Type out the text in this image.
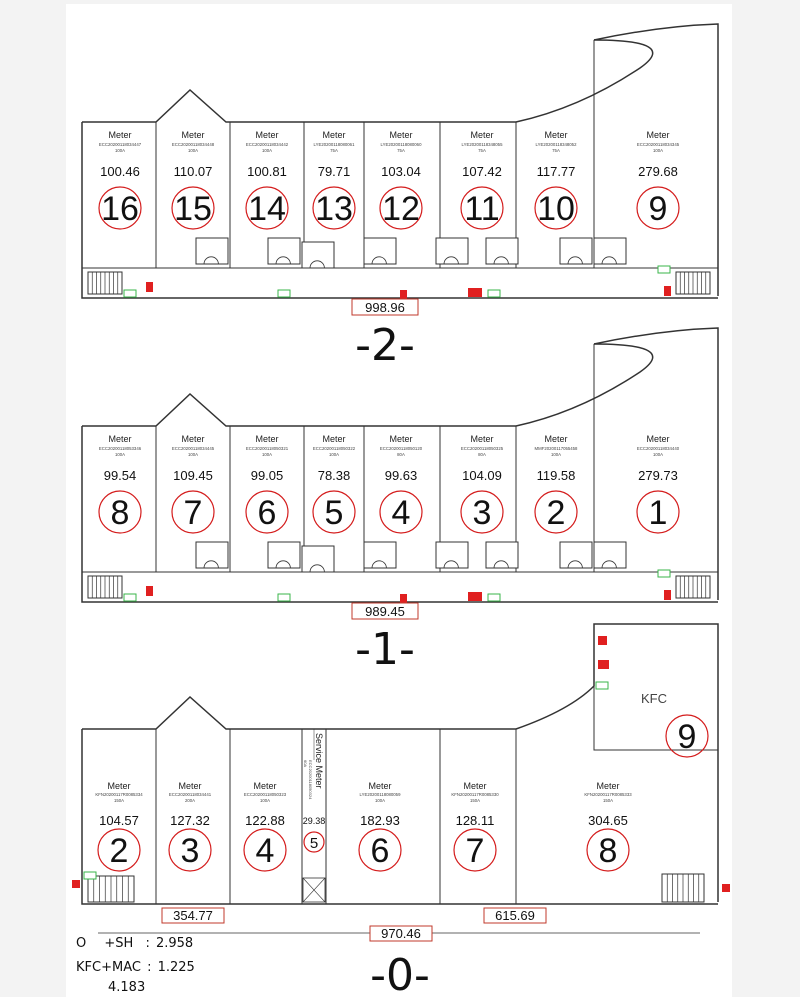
Meter
ECC20200118034447
100A
100.46
16
Meter
ECC20200118034448
100A
110.07
15
Meter
ECC20200118034442
100A
100.81
14
Meter
LYE20200118080061
75A
79.71
13
Meter
LYE20200118080060
75A
103.04
12
Meter
LYE20200118348055
75A
107.42
11
Meter
LYE20200118348052
75A
117.77
10
Meter
ECC20200118034345
100A
279.68
9
998.96
-2-
Meter
ECC20200118053346
100A
99.54
8
Meter
ECC20200118034445
100A
109.45
7
Meter
ECC20200118050321
100A
99.05
6
Meter
ECC20200118050322
100A
78.38
5
Meter
ECC20200118050120
80A
99.63
4
Meter
ECC20200118050325
80A
104.09
3
Meter
MMF20200117055458
100A
119.58
2
Meter
ECC20200118034440
100A
279.73
1
989.45
-1-
Meter
KFN20200117R0085334
150A
104.57
2
Meter
ECC20200118034441
200A
127.32
3
Meter
ECC20200118050323
100A
122.88
4
Service Meter
ECC20200118050324
60A
29.38
5
Meter
LYE20200118080059
100A
182.93
6
Meter
KFN20200117R0085330
150A
128.11
7
Meter
KFN20200117R0085333
150A
304.65
8
KFC
9
354.77	615.69
970.46
-0-
O +SH : 2.958
KFC+MAC : 1.225
4.183
